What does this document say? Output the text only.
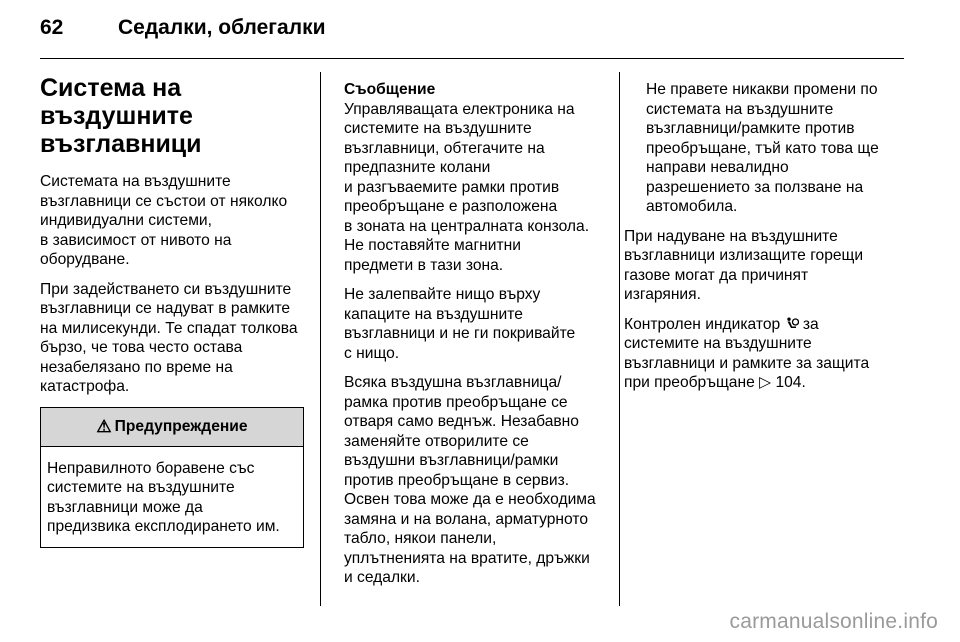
62	Седалки, облегалки
Система на
въздушните
възглавници

Системата на въздушните
възглавници се състои от няколко
индивидуални системи,
в зависимост от нивото на
оборудване.

При задействането си въздушните
възглавници се надуват в рамките
на милисекунди. Те спадат толкова
бързо, че това често остава
незабелязано по време на
катастрофа.

⚠ Предупреждение
Неправилното боравене със
системите на въздушните
възглавници може да
предизвика експлодирането им.

Съобщение

Управляващата електроника на
системите на въздушните
възглавници, обтегачите на
предпазните колани
и разгъваемите рамки против
преобръщане е разположена
в зоната на централната конзола.
Не поставяйте магнитни
предмети в тази зона.

Не залепвайте нищо върху
капаците на въздушните
възглавници и не ги покривайте
с нищо.

Всяка въздушна възглавница/
рамка против преобръщане се
отваря само веднъж. Незабавно
заменяйте отворилите се
въздушни възглавници/рамки
против преобръщане в сервиз.
Освен това може да е необходима
замяна и на волана, арматурното
табло, някои панели,
уплътненията на вратите, дръжки
и седалки.

Не правете никакви промени по
системата на въздушните
възглавници/рамките против
преобръщане, тъй като това ще
направи невалидно
разрешението за ползване на
автомобила.

При надуване на въздушните
възглавници излизащите горещи
газове могат да причинят
изгаряния.

Контролен индикатор  за
системите на въздушните
възглавници и рамките за защита
при преобръщане ▷ 104.

carmanualsonline.info
